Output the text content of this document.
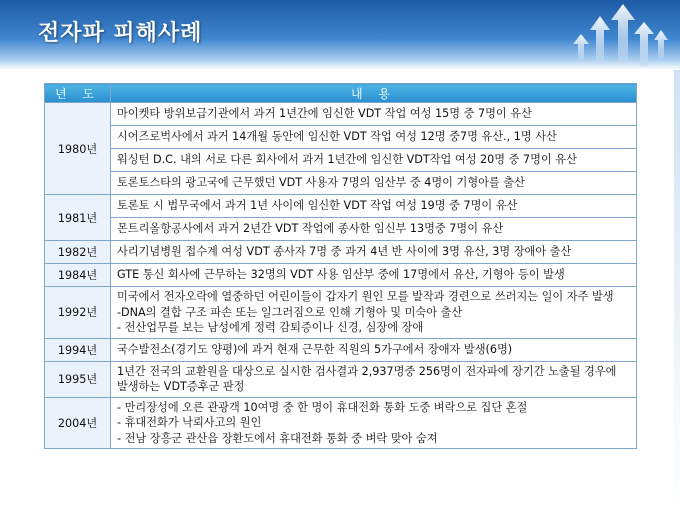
전자파 피해사례
년 도	내 용
1980년	마이켓타 방위보급기관에서 과거 1년간에 임신한 VDT 작업 여성 15명 중 7명이 유산
	시어즈로벅사에서 과거 14개월 동안에 임신한 VDT 작업 여성 12명 중7명 유산., 1명 사산
	워싱턴 D.C. 내의 서로 다른 회사에서 과거 1년간에 임신한 VDT작업 여성 20명 중 7명이 유산
	토론토스타의 광고국에 근무했던 VDT 사용자 7명의 임산부 중 4명이 기형아를 출산
1981년	토론토 시 법무국에서 과거 1년 사이에 임신한 VDT 작업 여성 19명 중 7명이 유산
	몬트리올항공사에서 과거 2년간 VDT 작업에 종사한 임신부 13명중 7명이 유산
1982년	사리기념병원 접수계 여성 VDT 종사자 7명 중 과거 4년 반 사이에 3명 유산, 3명 장애아 출산
1984년	GTE 통신 회사에 근무하는 32명의 VDT 사용 임산부 중에 17명에서 유산, 기형아 등이 발생
1992년	미국에서 전자오락에 열중하던 어린이들이 갑자기 원인 모를 발작과 경련으로 쓰러지는 일이 자주 발생
-DNA의 결합 구조 파손 또는 일그러짐으로 인해 기형아 및 미숙아 출산
- 전산업무를 보는 남성에게 정력 감퇴증이나 신경, 심장에 장애

1994년	국수발전소(경기도 양평)에 과거 현재 근무한 직원의 5가구에서 장애자 발생(6명)
1995년	1년간 전국의 교환원을 대상으로 실시한 검사결과 2,937명중 256명이 전자파에 장기간 노출될 경우에 발생하는 VDT증후군 판정

2004년	- 만리장성에 오른 관광객 10여명 중 한 명이 휴대전화 통화 도중 벼락으로 집단 혼절
- 휴대전화가 낙뢰사고의 원인
- 전남 장흥군 관산읍 장환도에서 휴대전화 통화 중 벼락 맞아 숨져
